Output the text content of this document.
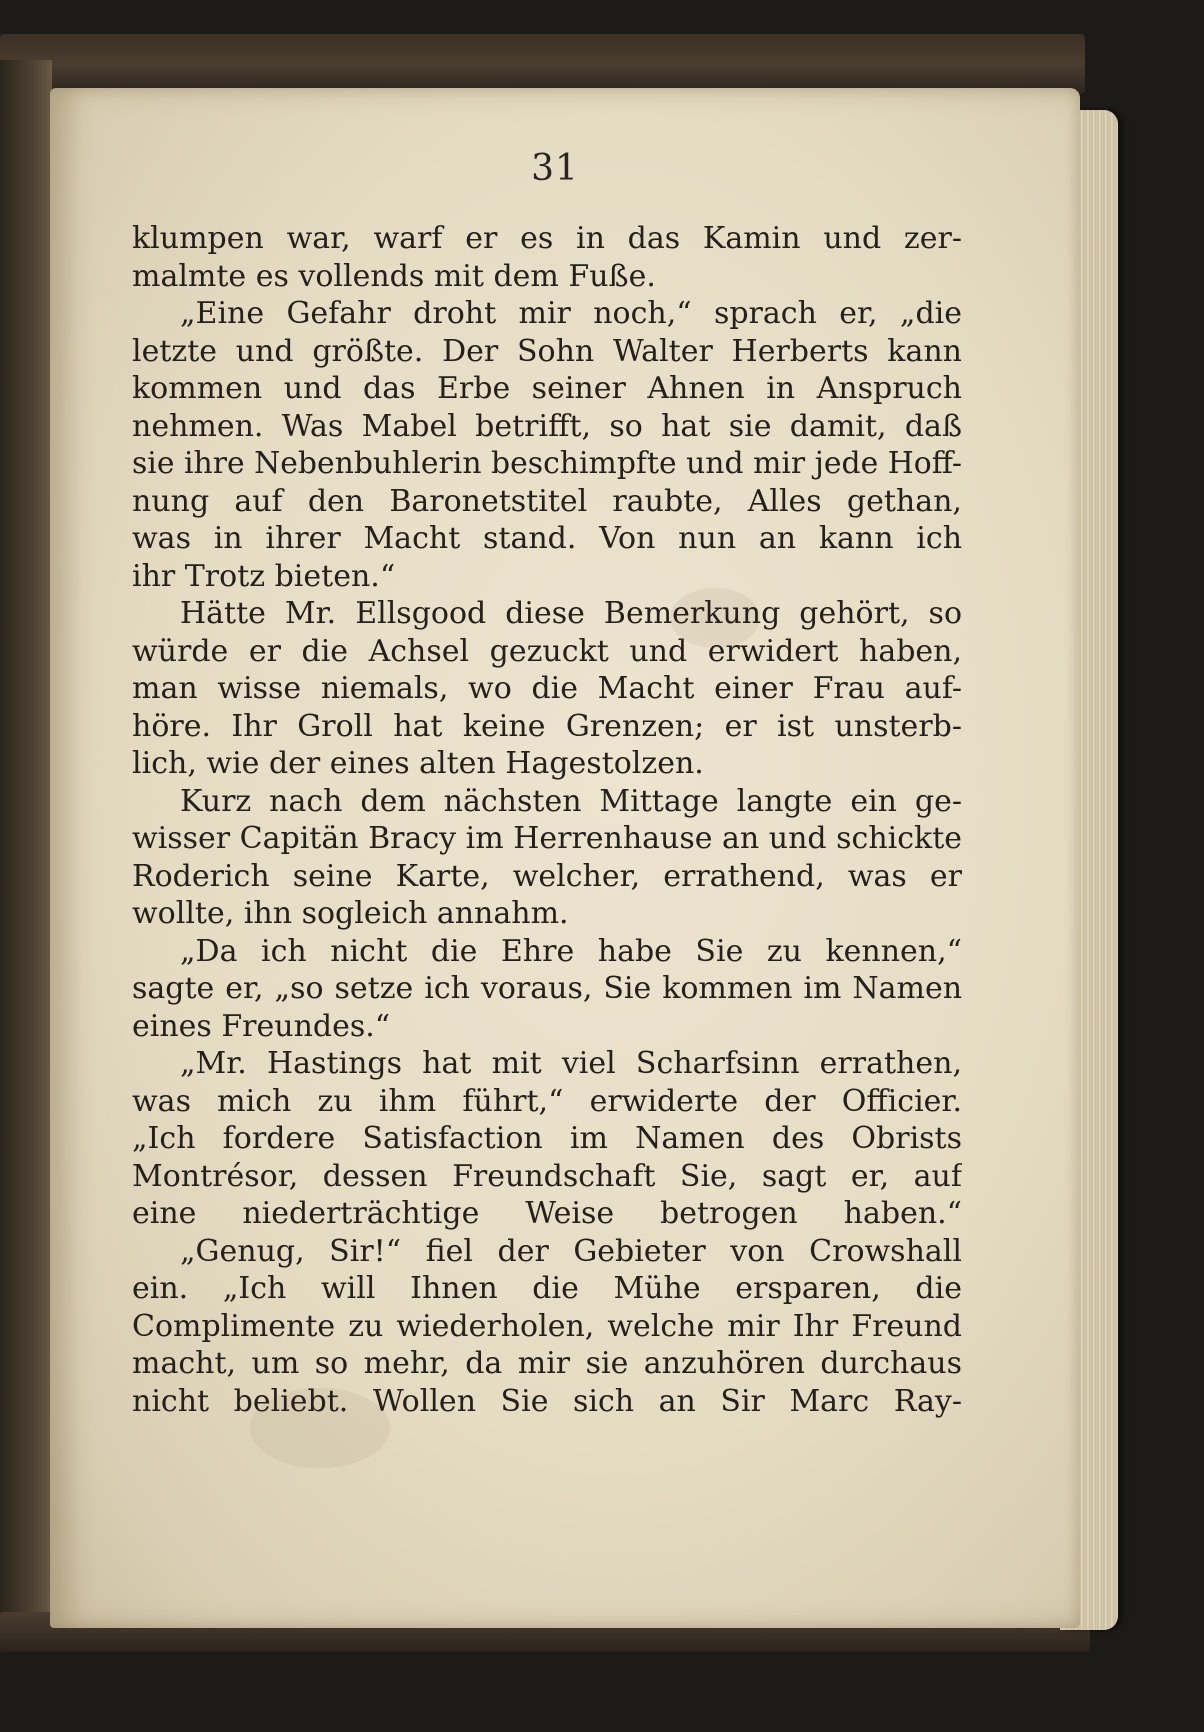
31
klumpen war, warf er es in das Kamin und zer-
malmte es vollends mit dem Fuße.
„Eine Gefahr droht mir noch,“ sprach er, „die
letzte und größte. Der Sohn Walter Herberts kann
kommen und das Erbe seiner Ahnen in Anspruch
nehmen. Was Mabel betrifft, so hat sie damit, daß
sie ihre Nebenbuhlerin beschimpfte und mir jede Hoff-
nung auf den Baronetstitel raubte, Alles gethan,
was in ihrer Macht stand. Von nun an kann ich
ihr Trotz bieten.“
Hätte Mr. Ellsgood diese Bemerkung gehört, so
würde er die Achsel gezuckt und erwidert haben,
man wisse niemals, wo die Macht einer Frau auf-
höre. Ihr Groll hat keine Grenzen; er ist unsterb-
lich, wie der eines alten Hagestolzen.
Kurz nach dem nächsten Mittage langte ein ge-
wisser Capitän Bracy im Herrenhause an und schickte
Roderich seine Karte, welcher, errathend, was er
wollte, ihn sogleich annahm.
„Da ich nicht die Ehre habe Sie zu kennen,“
sagte er, „so setze ich voraus, Sie kommen im Namen
eines Freundes.“
„Mr. Hastings hat mit viel Scharfsinn errathen,
was mich zu ihm führt,“ erwiderte der Officier.
„Ich fordere Satisfaction im Namen des Obrists
Montrésor, dessen Freundschaft Sie, sagt er, auf
eine niederträchtige Weise betrogen haben.“
„Genug, Sir!“ fiel der Gebieter von Crowshall
ein. „Ich will Ihnen die Mühe ersparen, die
Complimente zu wiederholen, welche mir Ihr Freund
macht, um so mehr, da mir sie anzuhören durchaus
nicht beliebt. Wollen Sie sich an Sir Marc Ray-
